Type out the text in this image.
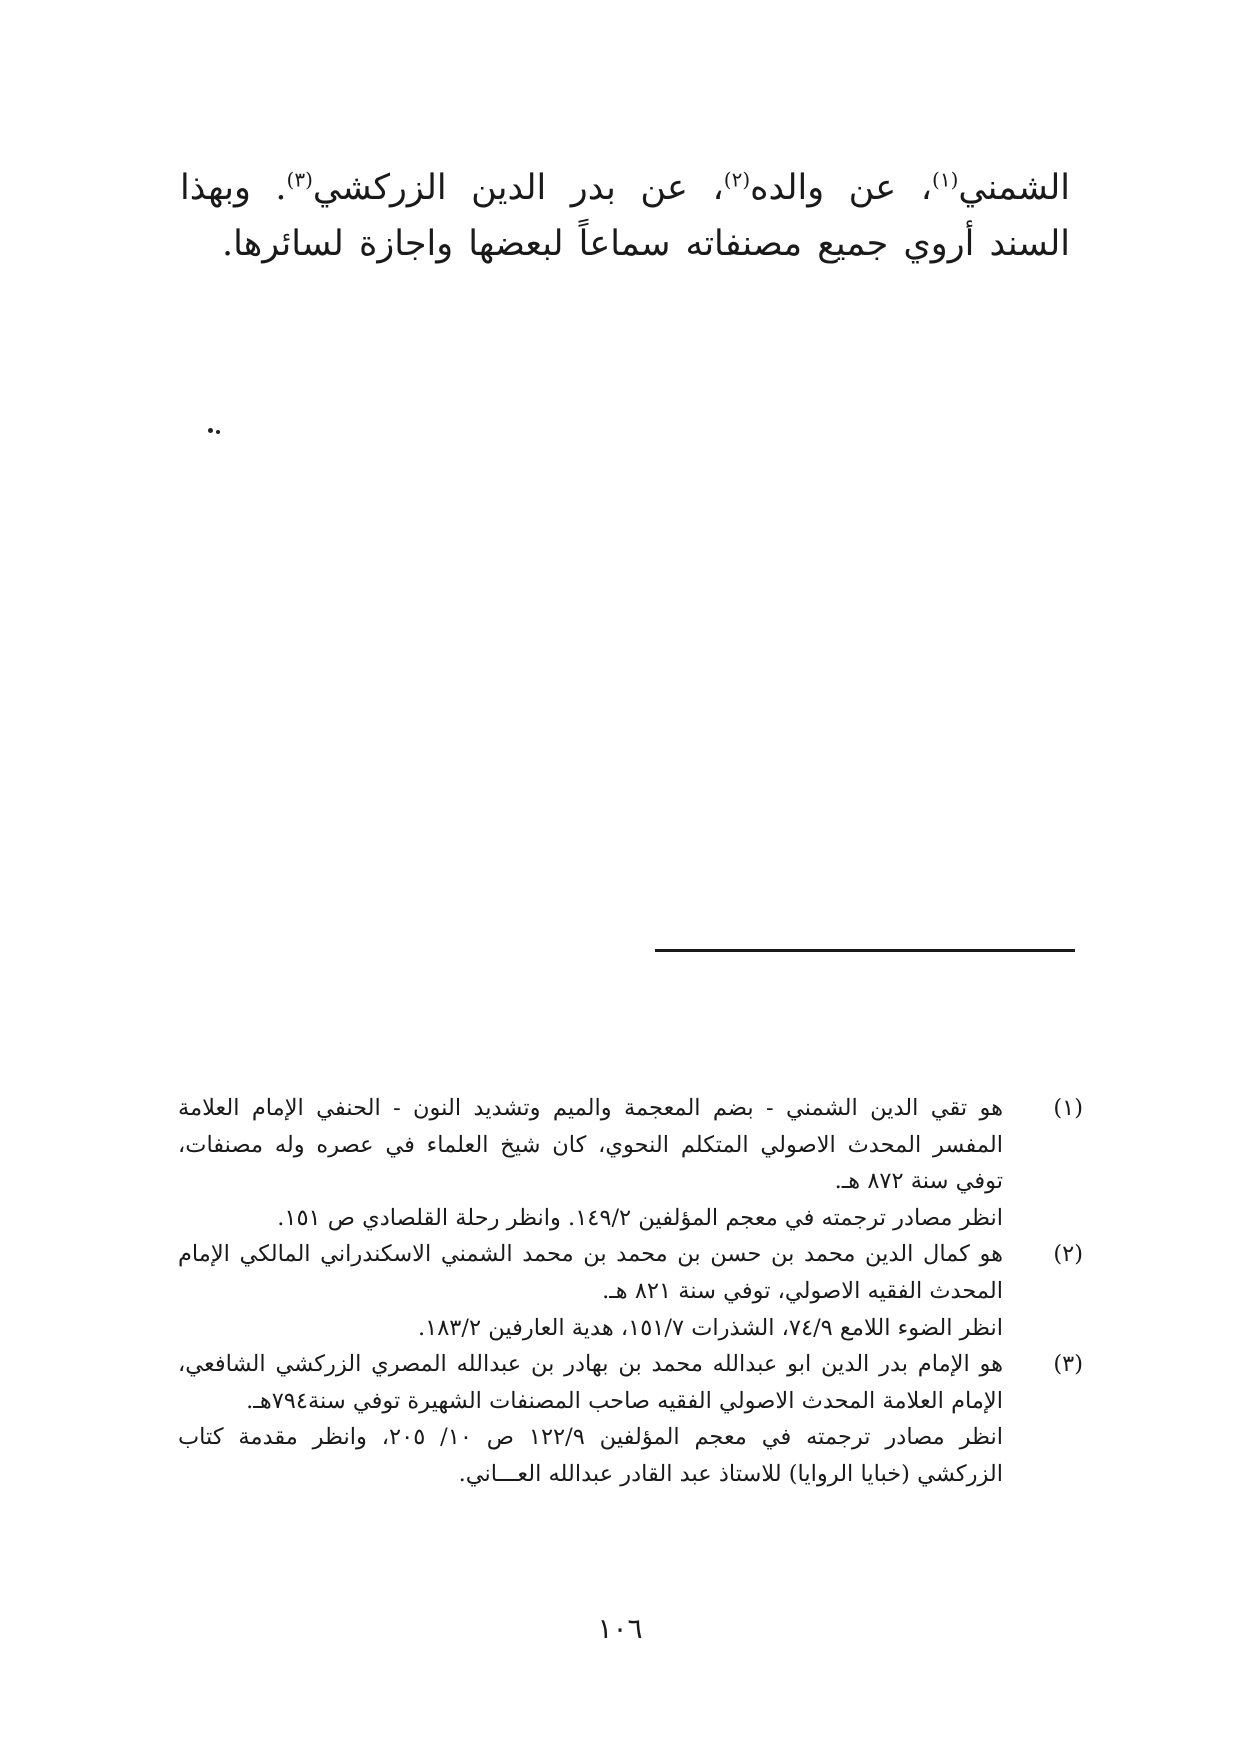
الشمني$^{(١)}$، عن والده$^{(٢)}$، عن بدر الدين الزركشي$^{(٣)}$. وبهذا السند أروي جميع مصنفاته سماعاً لبعضها واجازة لسائرها.

(١)

هو تقي الدين الشمني - بضم المعجمة والميم وتشديد النون - الحنفي الإمام العلامة المفسر المحدث الاصولي المتكلم النحوي، كان شيخ العلماء في عصره وله مصنفات، توفي سنة ٨٧٢ هـ.

انظر مصادر ترجمته في معجم المؤلفين ١٤٩/٢. وانظر رحلة القلصادي ص ١٥١.

(٢)

هو كمال الدين محمد بن حسن بن محمد بن محمد الشمني الاسكندراني المالكي الإمام المحدث الفقيه الاصولي، توفي سنة ٨٢١ هـ.

انظر الضوء اللامع ٧٤/٩، الشذرات ١٥١/٧، هدية العارفين ١٨٣/٢.

(٣)

هو الإمام بدر الدين ابو عبدالله محمد بن بهادر بن عبدالله المصري الزركشي الشافعي، الإمام العلامة المحدث الاصولي الفقيه صاحب المصنفات الشهيرة توفي سنة٧٩٤هـ.

انظر مصادر ترجمته في معجم المؤلفين ١٢٢/٩ ص ١٠/ ٢٠٥، وانظر مقدمة كتاب الزركشي (خبايا الروايا) للاستاذ عبد القادر عبدالله العـــاني.

١٠٦
